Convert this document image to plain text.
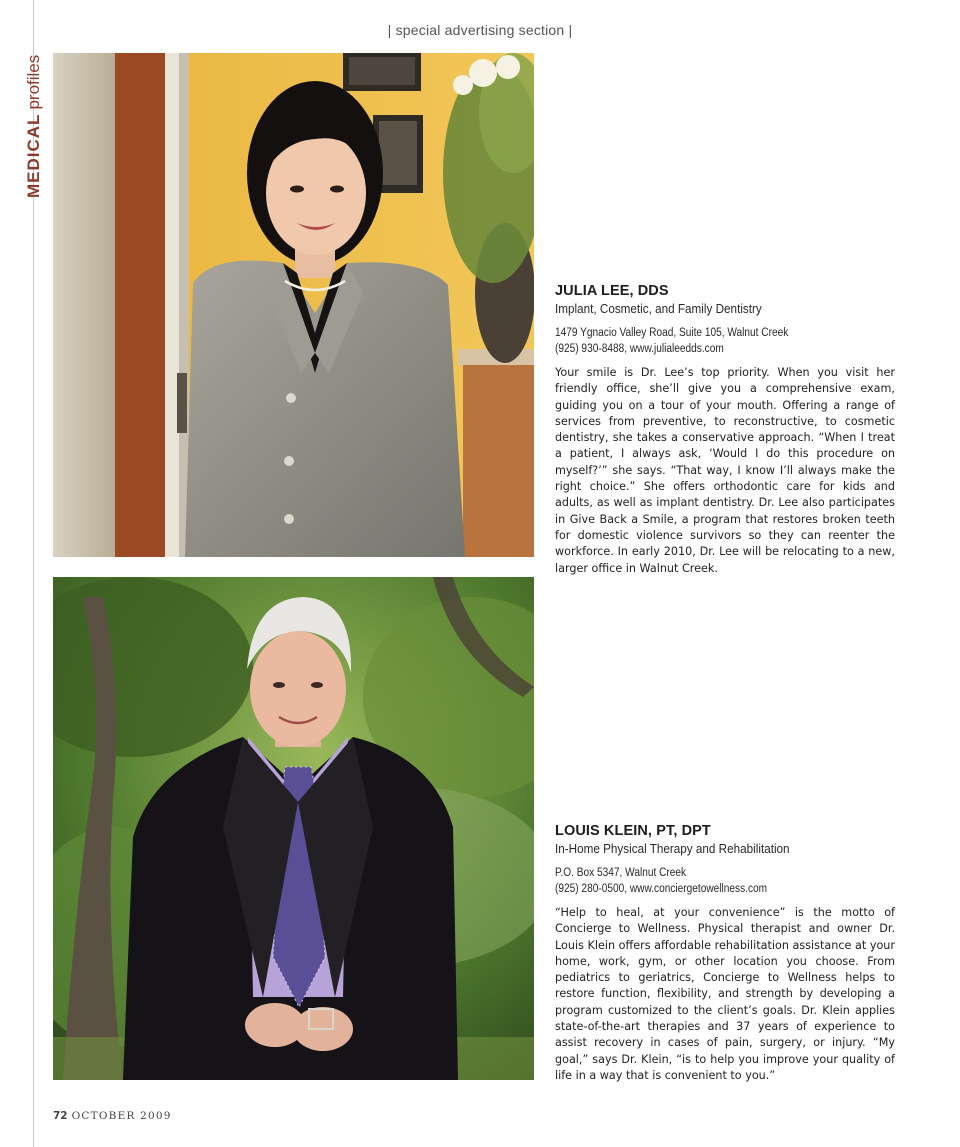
| special advertising section |
MEDICALprofiles
JULIA LEE, DDS
Implant, Cosmetic, and Family Dentistry
1479 Ygnacio Valley Road, Suite 105, Walnut Creek
(925) 930-8488, www.julialeedds.com
Your smile is Dr. Lee’s top priority. When you visit her friendly office, she’ll give you a comprehensive exam, guiding you on a tour of your mouth. Offering a range of services from preventive, to reconstructive, to cosmetic dentistry, she takes a conservative approach. “When I treat a patient, I always ask, ‘Would I do this procedure on myself?’” she says. “That way, I know I’ll always make the right choice.” She offers orthodontic care for kids and adults, as well as implant dentistry. Dr. Lee also participates in Give Back a Smile, a program that restores broken teeth for domestic violence survivors so they can reenter the workforce. In early 2010, Dr. Lee will be relocating to a new, larger office in Walnut Creek.
LOUIS KLEIN, PT, DPT
In-Home Physical Therapy and Rehabilitation
P.O. Box 5347, Walnut Creek
(925) 280-0500, www.conciergetowellness.com
“Help to heal, at your convenience” is the motto of Concierge to Wellness. Physical therapist and owner Dr. Louis Klein offers affordable rehabilitation assistance at your home, work, gym, or other location you choose. From pediatrics to geriatrics, Concierge to Wellness helps to restore function, flexibility, and strength by developing a program customized to the client’s goals. Dr. Klein applies state-of-the-art therapies and 37 years of experience to assist recovery in cases of pain, surgery, or injury. “My goal,” says Dr. Klein, “is to help you improve your quality of life in a way that is convenient to you.”
72 OCTOBER 2009
